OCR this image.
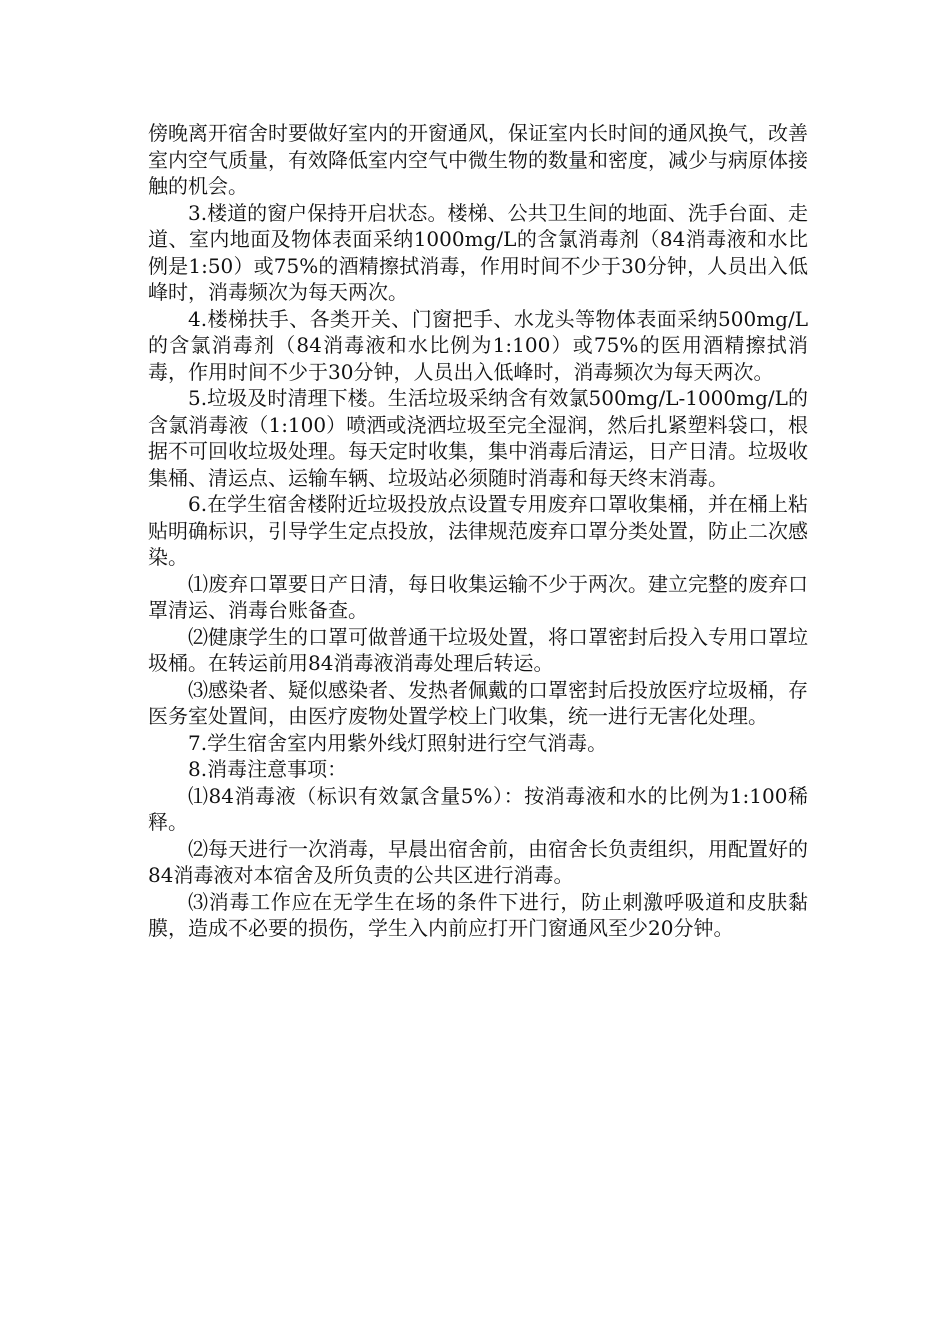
傍晚离开宿舍时要做好室内的开窗通风，保证室内长时间的通风换气，改善室内空气质量，有效降低室内空气中微生物的数量和密度，减少与病原体接触的机会。

3.楼道的窗户保持开启状态。楼梯、公共卫生间的地面、洗手台面、走道、室内地面及物体表面采纳1000mg/L的含氯消毒剂（84消毒液和水比例是1:50）或75%的酒精擦拭消毒，作用时间不少于30分钟，人员出入低峰时，消毒频次为每天两次。

4.楼梯扶手、各类开关、门窗把手、水龙头等物体表面采纳500mg/L的含氯消毒剂（84消毒液和水比例为1:100）或75%的医用酒精擦拭消毒，作用时间不少于30分钟，人员出入低峰时，消毒频次为每天两次。

5.垃圾及时清理下楼。生活垃圾采纳含有效氯500mg/L-1000mg/L的含氯消毒液（1:100）喷洒或浇洒垃圾至完全湿润，然后扎紧塑料袋口，根据不可回收垃圾处理。每天定时收集，集中消毒后清运，日产日清。垃圾收集桶、清运点、运输车辆、垃圾站必须随时消毒和每天终末消毒。

6.在学生宿舍楼附近垃圾投放点设置专用废弃口罩收集桶，并在桶上粘贴明确标识，引导学生定点投放，法律规范废弃口罩分类处置，防止二次感染。

⑴废弃口罩要日产日清，每日收集运输不少于两次。建立完整的废弃口罩清运、消毒台账备查。

⑵健康学生的口罩可做普通干垃圾处置，将口罩密封后投入专用口罩垃圾桶。在转运前用84消毒液消毒处理后转运。

⑶感染者、疑似感染者、发热者佩戴的口罩密封后投放医疗垃圾桶，存医务室处置间，由医疗废物处置学校上门收集，统一进行无害化处理。

7.学生宿舍室内用紫外线灯照射进行空气消毒。

8.消毒注意事项：

⑴84消毒液（标识有效氯含量5%）：按消毒液和水的比例为1:100稀释。

⑵每天进行一次消毒，早晨出宿舍前，由宿舍长负责组织，用配置好的84消毒液对本宿舍及所负责的公共区进行消毒。

⑶消毒工作应在无学生在场的条件下进行，防止刺激呼吸道和皮肤黏膜，造成不必要的损伤，学生入内前应打开门窗通风至少20分钟。
